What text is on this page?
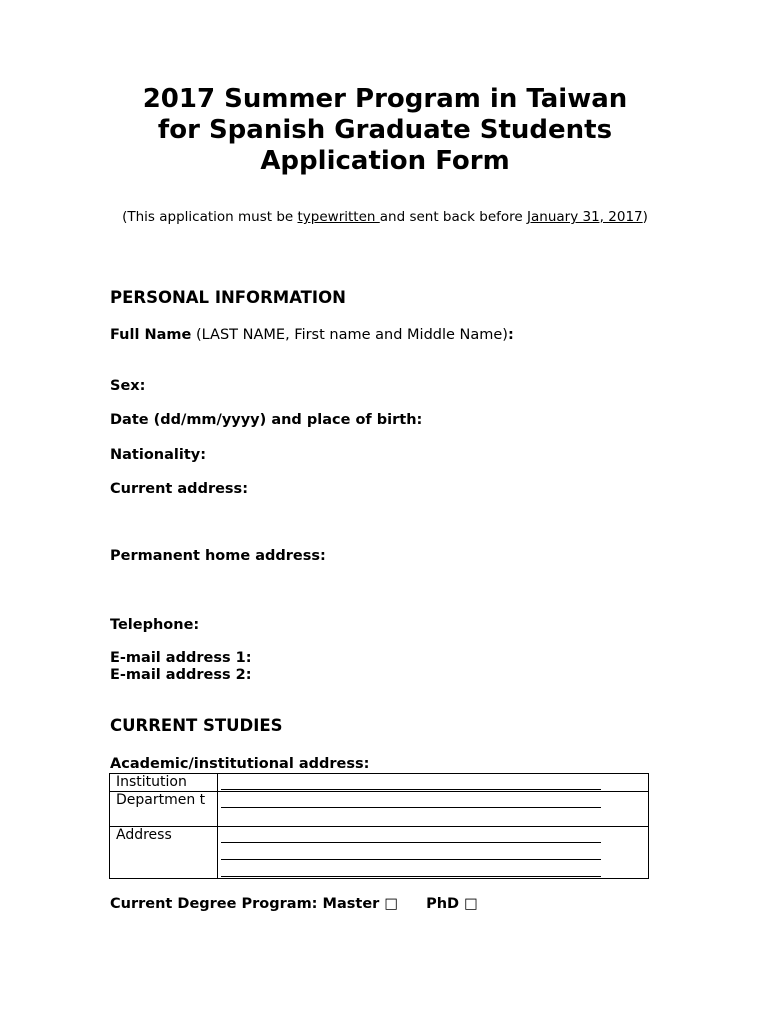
2017 Summer Program in Taiwan
for Spanish Graduate Students
Application Form
(This application must be typewritten and sent back before January 31, 2017)
PERSONAL INFORMATION
Full Name (LAST NAME, First name and Middle Name):
Sex:
Date (dd/mm/yyyy) and place of birth:
Nationality:
Current address:
Permanent home address:
Telephone:
E-mail address 1:
E-mail address 2:
CURRENT STUDIES
Academic/institutional address:
Institution	

Departmen t	

Address	
Current Degree Program: Master □ PhD □
